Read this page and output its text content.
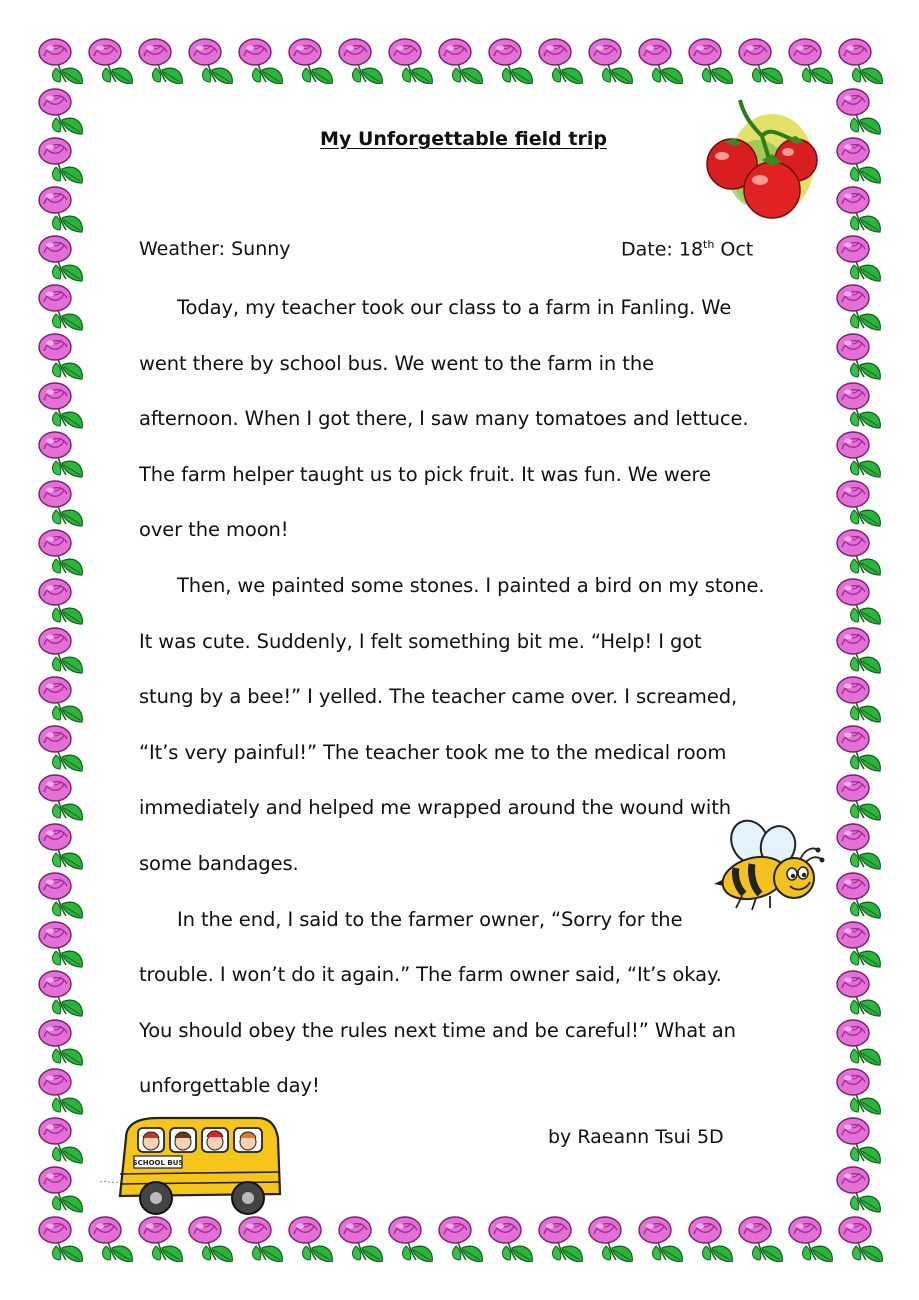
My Unforgettable field trip
Weather: Sunny	Date: 18th Oct

Today, my teacher took our class to a farm in Fanling. We
went there by school bus. We went to the farm in the
afternoon. When I got there, I saw many tomatoes and lettuce.
The farm helper taught us to pick fruit. It was fun. We were
over the moon!

Then, we painted some stones. I painted a bird on my stone.
It was cute. Suddenly, I felt something bit me. “Help! I got
stung by a bee!” I yelled. The teacher came over. I screamed,
“It’s very painful!” The teacher took me to the medical room
immediately and helped me wrapped around the wound with
some bandages.

In the end, I said to the farmer owner, “Sorry for the
trouble. I won’t do it again.” The farm owner said, “It’s okay.
You should obey the rules next time and be careful!” What an
unforgettable day!

SCHOOL BUS
by Raeann Tsui 5D
